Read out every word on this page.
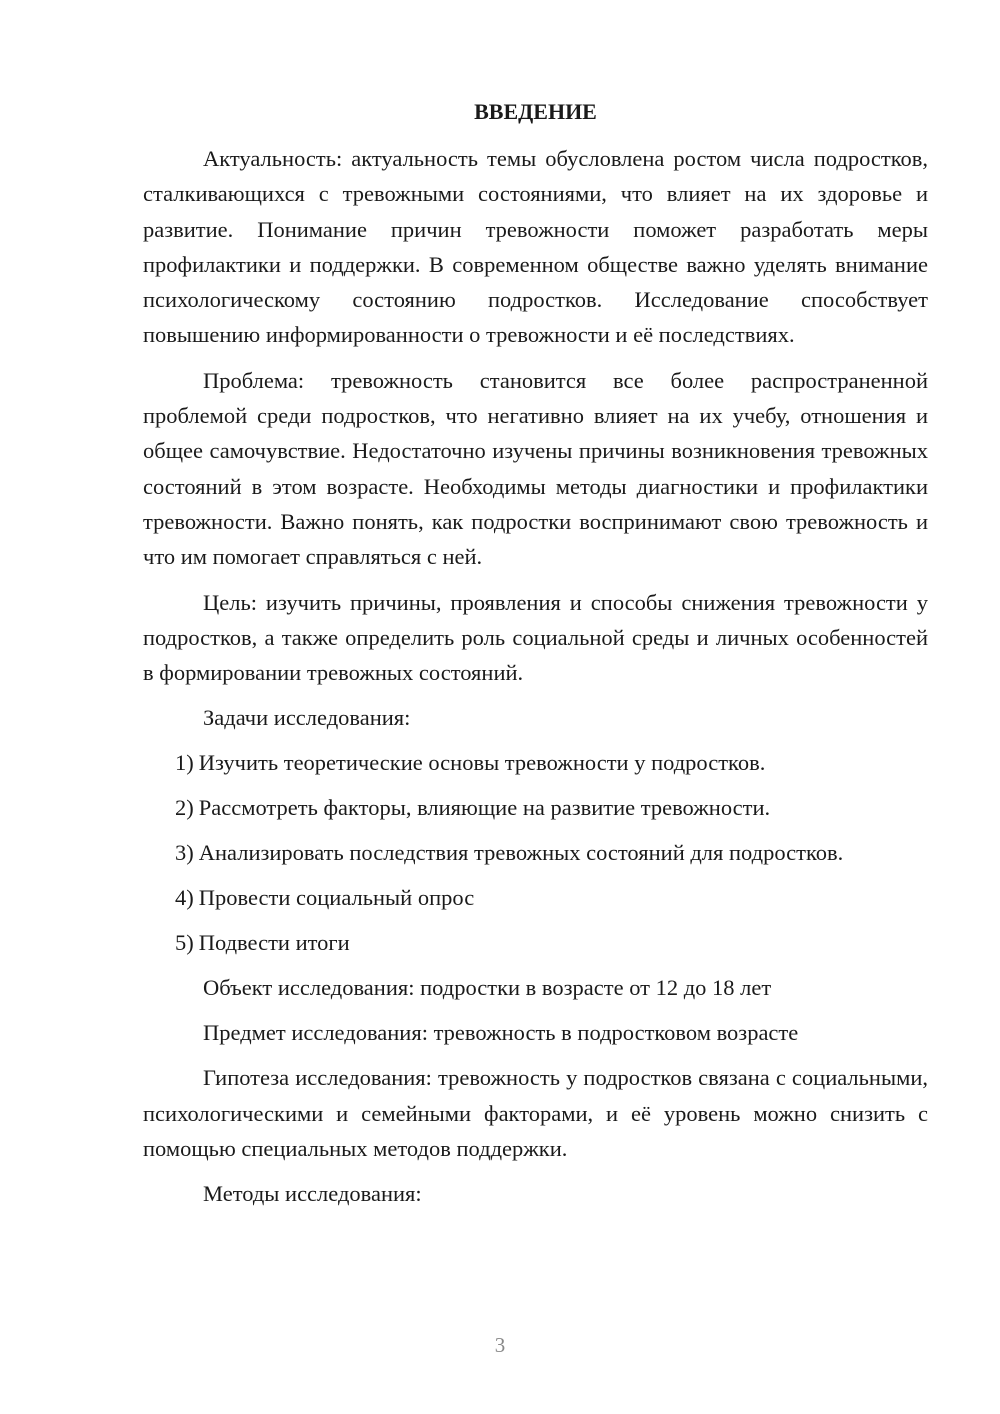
ВВЕДЕНИЕ

Актуальность: актуальность темы обусловлена ростом числа подростков, сталкивающихся с тревожными состояниями, что влияет на их здоровье и развитие. Понимание причин тревожности поможет разработать меры профилактики и поддержки. В современном обществе важно уделять внимание психологическому состоянию подростков. Исследование способствует повышению информированности о тревожности и её последствиях.

Проблема: тревожность становится все более распространенной проблемой среди подростков, что негативно влияет на их учебу, отношения и общее самочувствие. Недостаточно изучены причины возникновения тревожных состояний в этом возрасте. Необходимы методы диагностики и профилактики тревожности. Важно понять, как подростки воспринимают свою тревожность и что им помогает справляться с ней.

Цель: изучить причины, проявления и способы снижения тревожности у подростков, а также определить роль социальной среды и личных особенностей в формировании тревожных состояний.

Задачи исследования:

1) Изучить теоретические основы тревожности у подростков.
2) Рассмотреть факторы, влияющие на развитие тревожности.
3) Анализировать последствия тревожных состояний для подростков.
4) Провести социальный опрос
5) Подвести итоги

Объект исследования: подростки в возрасте от 12 до 18 лет

Предмет исследования: тревожность в подростковом возрасте

Гипотеза исследования: тревожность у подростков связана с социальными, психологическими и семейными факторами, и её уровень можно снизить с помощью специальных методов поддержки.

Методы исследования:

3
